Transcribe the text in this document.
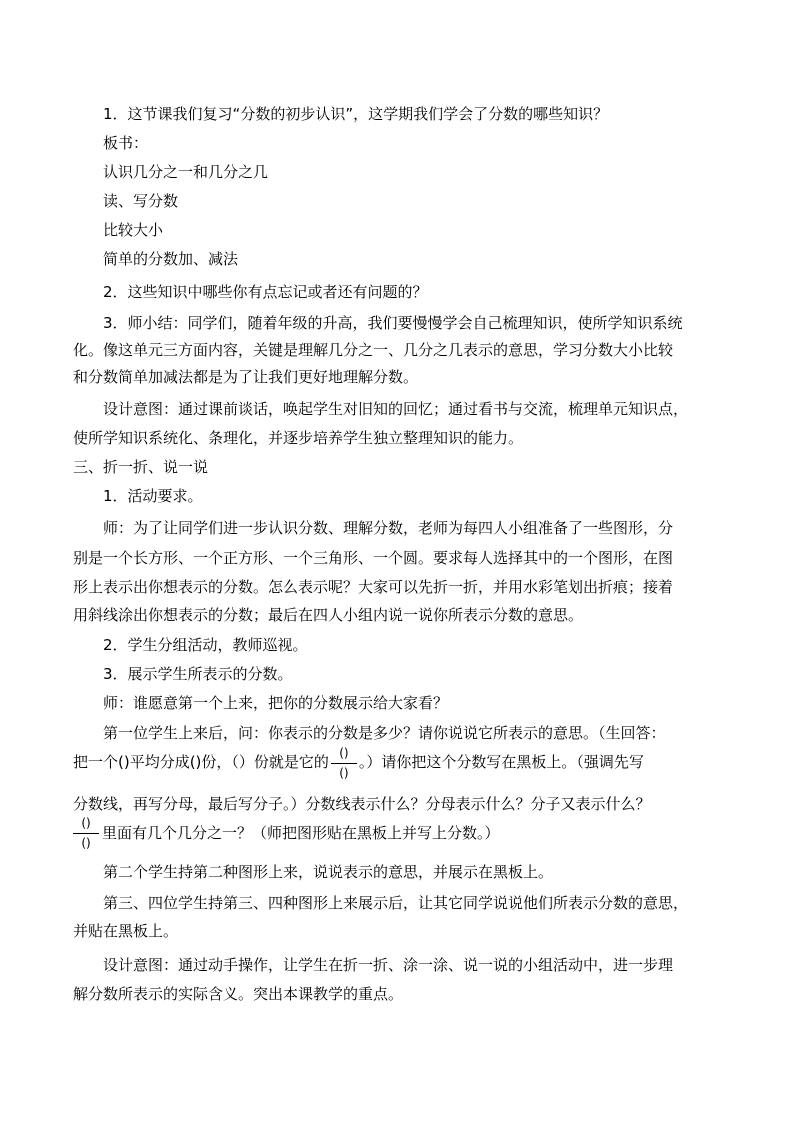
1．这节课我们复习“分数的初步认识”，这学期我们学会了分数的哪些知识？
板书：
认识几分之一和几分之几
读、写分数
比较大小
简单的分数加、减法
2．这些知识中哪些你有点忘记或者还有问题的？
3．师小结：同学们，随着年级的升高，我们要慢慢学会自己梳理知识，使所学知识系统
化。像这单元三方面内容，关键是理解几分之一、几分之几表示的意思，学习分数大小比较
和分数简单加减法都是为了让我们更好地理解分数。
设计意图：通过课前谈话，唤起学生对旧知的回忆；通过看书与交流，梳理单元知识点，
使所学知识系统化、条理化，并逐步培养学生独立整理知识的能力。
三、折一折、说一说
1．活动要求。
师：为了让同学们进一步认识分数、理解分数，老师为每四人小组准备了一些图形，分
别是一个长方形、一个正方形、一个三角形、一个圆。要求每人选择其中的一个图形，在图
形上表示出你想表示的分数。怎么表示呢？大家可以先折一折，并用水彩笔划出折痕；接着
用斜线涂出你想表示的分数；最后在四人小组内说一说你所表示分数的意思。
2．学生分组活动，教师巡视。
3．展示学生所表示的分数。
师：谁愿意第一个上来，把你的分数展示给大家看？
第一位学生上来后，问：你表示的分数是多少？请你说说它所表示的意思。（生回答：
把一个()平均分成()份，（）份就是它的 $\frac{()}{()}$ 。）请你把这个分数写在黑板上。（强调先写
分数线，再写分母，最后写分子。）分数线表示什么？分母表示什么？分子又表示什么？
()
()
里面有几个几分之一？（师把图形贴在黑板上并写上分数。）
第二个学生持第二种图形上来，说说表示的意思，并展示在黑板上。
第三、四位学生持第三、四种图形上来展示后，让其它同学说说他们所表示分数的意思，
并贴在黑板上。
设计意图：通过动手操作，让学生在折一折、涂一涂、说一说的小组活动中，进一步理
解分数所表示的实际含义。突出本课教学的重点。
